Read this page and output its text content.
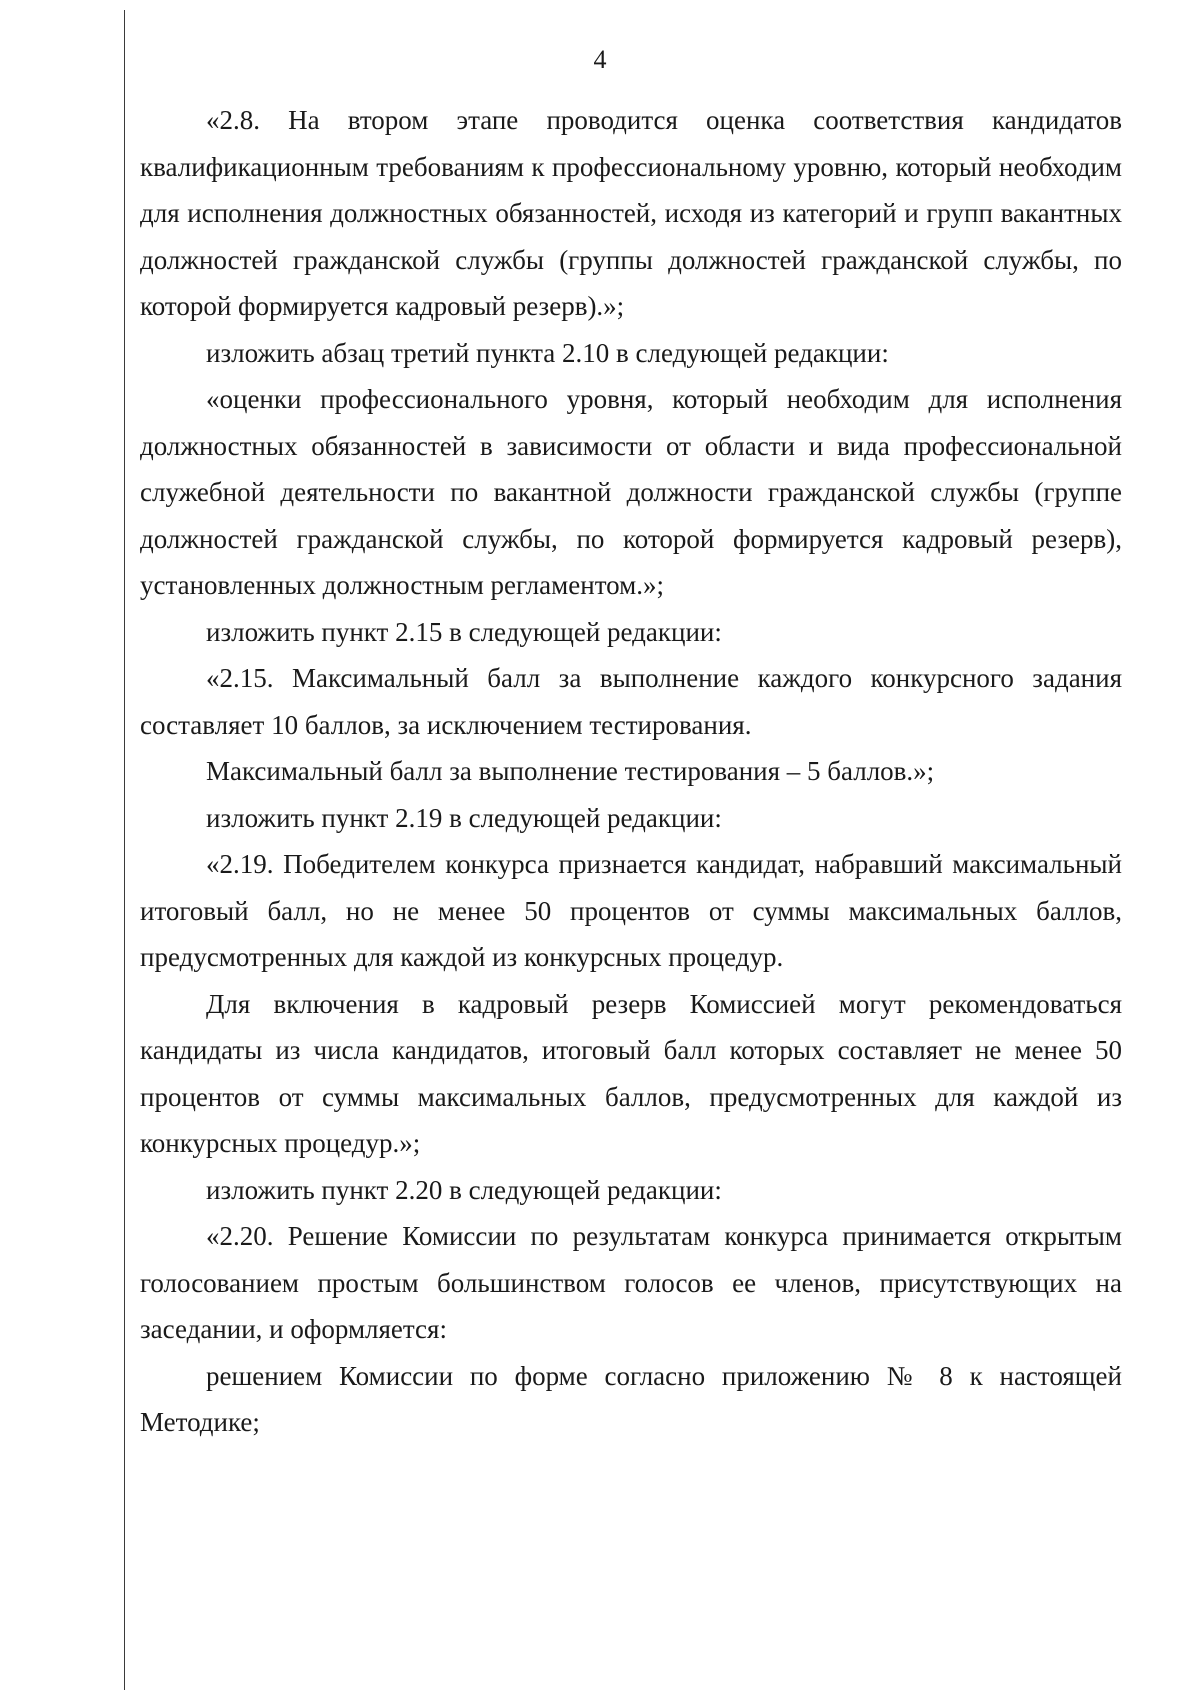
4

«2.8. На втором этапе проводится оценка соответствия кандидатов квалификационным требованиям к профессиональному уровню, который необходим для исполнения должностных обязанностей, исходя из категорий и групп вакантных должностей гражданской службы (группы должностей гражданской службы, по которой формируется кадровый резерв).»;

изложить абзац третий пункта 2.10 в следующей редакции:

«оценки профессионального уровня, который необходим для исполнения должностных обязанностей в зависимости от области и вида профессиональной служебной деятельности по вакантной должности гражданской службы (группе должностей гражданской службы, по которой формируется кадровый резерв), установленных должностным регламентом.»;

изложить пункт 2.15 в следующей редакции:

«2.15. Максимальный балл за выполнение каждого конкурсного задания составляет 10 баллов, за исключением тестирования.

Максимальный балл за выполнение тестирования – 5 баллов.»;

изложить пункт 2.19 в следующей редакции:

«2.19. Победителем конкурса признается кандидат, набравший максимальный итоговый балл, но не менее 50 процентов от суммы максимальных баллов, предусмотренных для каждой из конкурсных процедур.

Для включения в кадровый резерв Комиссией могут рекомендоваться кандидаты из числа кандидатов, итоговый балл которых составляет не менее 50 процентов от суммы максимальных баллов, предусмотренных для каждой из конкурсных процедур.»;

изложить пункт 2.20 в следующей редакции:

«2.20. Решение Комиссии по результатам конкурса принимается открытым голосованием простым большинством голосов ее членов, присутствующих на заседании, и оформляется:

решением Комиссии по форме согласно приложению № 8 к настоящей Методике;
